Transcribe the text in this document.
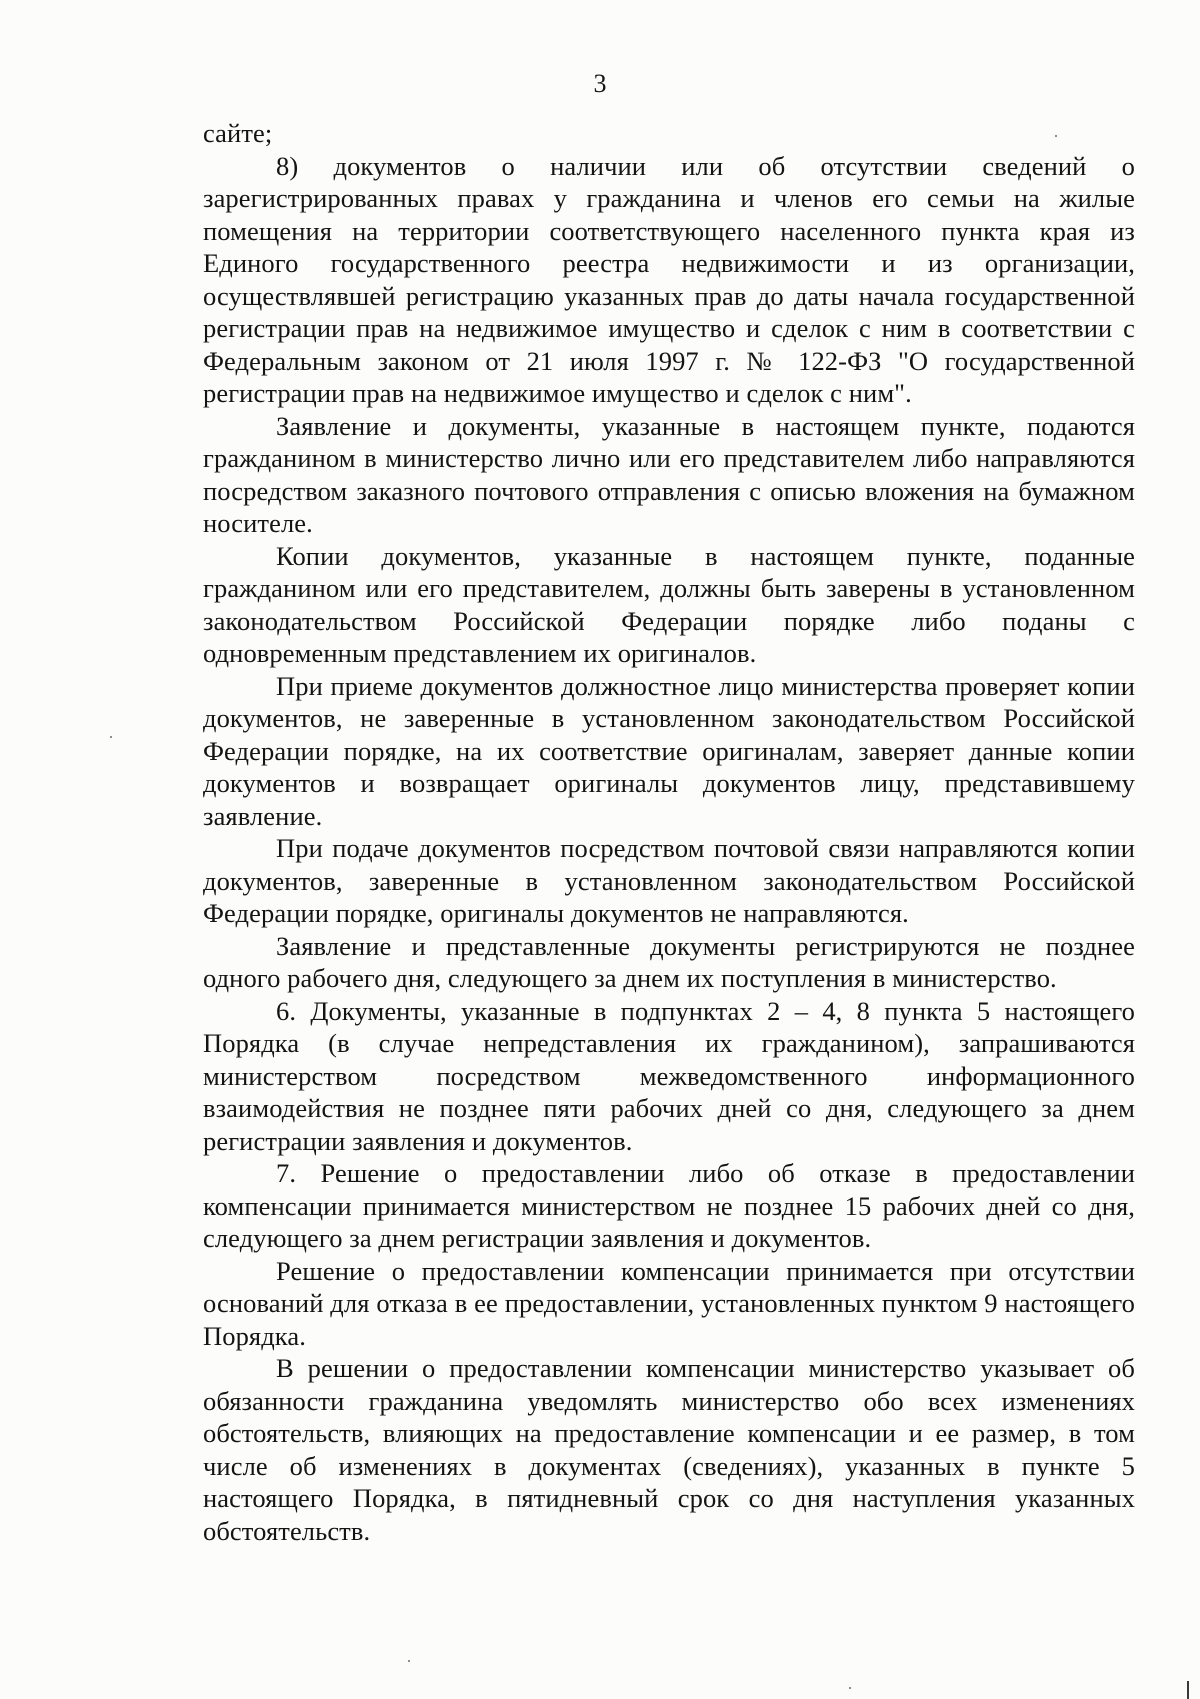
3

сайте;

8) документов о наличии или об отсутствии сведений о зарегистрированных правах у гражданина и членов его семьи на жилые помещения на территории соответствующего населенного пункта края из Единого государственного реестра недвижимости и из организации, осуществлявшей регистрацию указанных прав до даты начала государственной регистрации прав на недвижимое имущество и сделок с ним в соответствии с Федеральным законом от 21 июля 1997 г. № 122-ФЗ "О государственной регистрации прав на недвижимое имущество и сделок с ним".

Заявление и документы, указанные в настоящем пункте, подаются гражданином в министерство лично или его представителем либо направляются посредством заказного почтового отправления с описью вложения на бумажном носителе.

Копии документов, указанные в настоящем пункте, поданные гражданином или его представителем, должны быть заверены в установленном законодательством Российской Федерации порядке либо поданы с одновременным представлением их оригиналов.

При приеме документов должностное лицо министерства проверяет копии документов, не заверенные в установленном законодательством Российской Федерации порядке, на их соответствие оригиналам, заверяет данные копии документов и возвращает оригиналы документов лицу, представившему заявление.

При подаче документов посредством почтовой связи направляются копии документов, заверенные в установленном законодательством Российской Федерации порядке, оригиналы документов не направляются.

Заявление и представленные документы регистрируются не позднее одного рабочего дня, следующего за днем их поступления в министерство.

6. Документы, указанные в подпунктах 2 – 4, 8 пункта 5 настоящего Порядка (в случае непредставления их гражданином), запрашиваются министерством посредством межведомственного информационного взаимодействия не позднее пяти рабочих дней со дня, следующего за днем регистрации заявления и документов.

7. Решение о предоставлении либо об отказе в предоставлении компенсации принимается министерством не позднее 15 рабочих дней со дня, следующего за днем регистрации заявления и документов.

Решение о предоставлении компенсации принимается при отсутствии оснований для отказа в ее предоставлении, установленных пунктом 9 настоящего Порядка.

В решении о предоставлении компенсации министерство указывает об обязанности гражданина уведомлять министерство обо всех изменениях обстоятельств, влияющих на предоставление компенсации и ее размер, в том числе об изменениях в документах (сведениях), указанных в пункте 5 настоящего Порядка, в пятидневный срок со дня наступления указанных обстоятельств.
